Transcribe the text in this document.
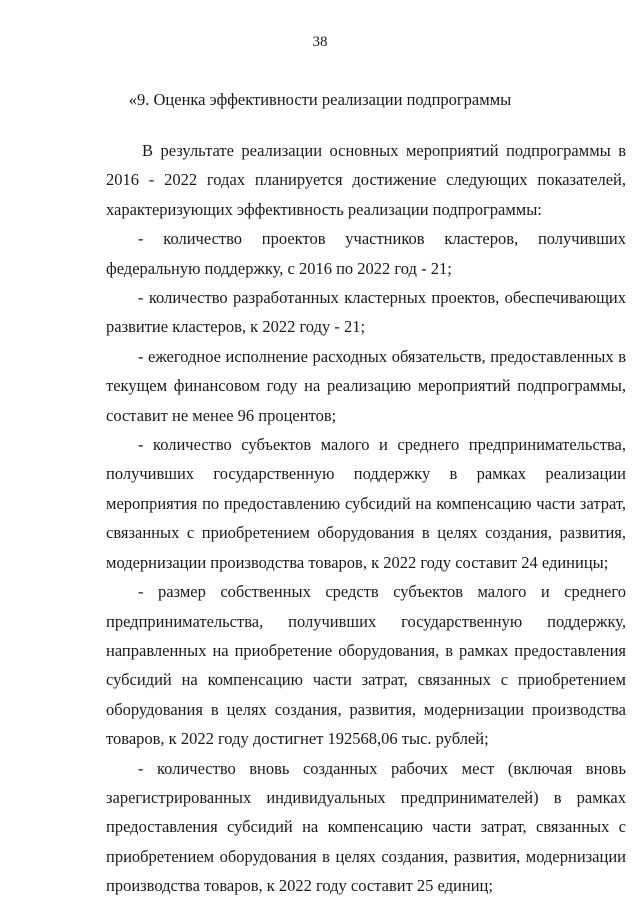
38
«9. Оценка эффективности реализации подпрограммы

В результате реализации основных мероприятий подпрограммы в 2016 - 2022 годах планируется достижение следующих показателей, характеризующих эффективность реализации подпрограммы:

- количество проектов участников кластеров, получивших федеральную поддержку, с 2016 по 2022 год - 21;

- количество разработанных кластерных проектов, обеспечивающих развитие кластеров, к 2022 году - 21;

- ежегодное исполнение расходных обязательств, предоставленных в текущем финансовом году на реализацию мероприятий подпрограммы, составит не менее 96 процентов;

- количество субъектов малого и среднего предпринимательства, получивших государственную поддержку в рамках реализации мероприятия по предоставлению субсидий на компенсацию части затрат, связанных с приобретением оборудования в целях создания, развития, модернизации производства товаров, к 2022 году составит 24 единицы;

- размер собственных средств субъектов малого и среднего предпринимательства, получивших государственную поддержку, направленных на приобретение оборудования, в рамках предоставления субсидий на компенсацию части затрат, связанных с приобретением оборудования в целях создания, развития, модернизации производства товаров, к 2022 году достигнет 192568,06 тыс. рублей;

- количество вновь созданных рабочих мест (включая вновь зарегистрированных индивидуальных предпринимателей) в рамках предоставления субсидий на компенсацию части затрат, связанных с приобретением оборудования в целях создания, развития, модернизации производства товаров, к 2022 году составит 25 единиц;
